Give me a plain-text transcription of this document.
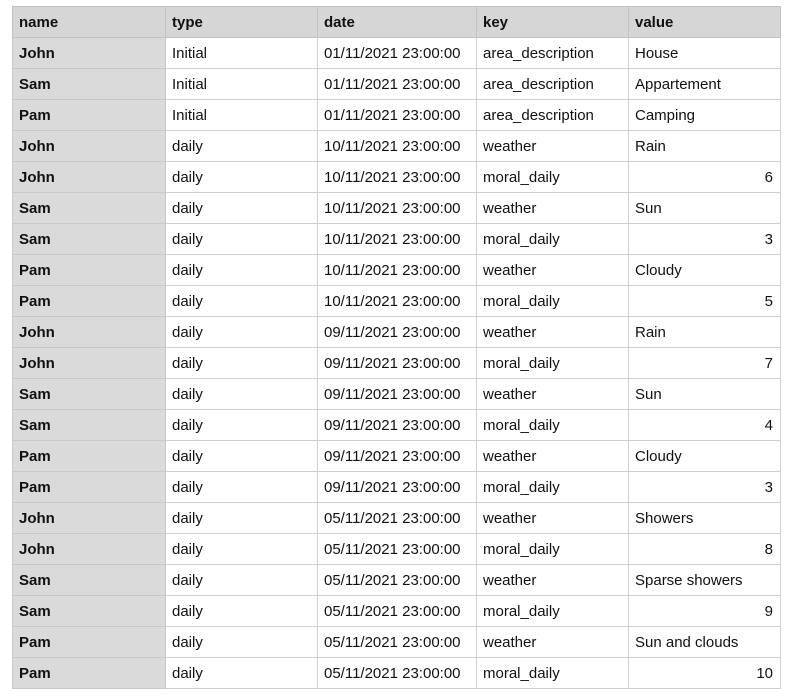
name	type	date	key	value
John	Initial	01/11/2021 23:00:00	area_description	House
Sam	Initial	01/11/2021 23:00:00	area_description	Appartement
Pam	Initial	01/11/2021 23:00:00	area_description	Camping
John	daily	10/11/2021 23:00:00	weather	Rain
John	daily	10/11/2021 23:00:00	moral_daily	6
Sam	daily	10/11/2021 23:00:00	weather	Sun
Sam	daily	10/11/2021 23:00:00	moral_daily	3
Pam	daily	10/11/2021 23:00:00	weather	Cloudy
Pam	daily	10/11/2021 23:00:00	moral_daily	5
John	daily	09/11/2021 23:00:00	weather	Rain
John	daily	09/11/2021 23:00:00	moral_daily	7
Sam	daily	09/11/2021 23:00:00	weather	Sun
Sam	daily	09/11/2021 23:00:00	moral_daily	4
Pam	daily	09/11/2021 23:00:00	weather	Cloudy
Pam	daily	09/11/2021 23:00:00	moral_daily	3
John	daily	05/11/2021 23:00:00	weather	Showers
John	daily	05/11/2021 23:00:00	moral_daily	8
Sam	daily	05/11/2021 23:00:00	weather	Sparse showers
Sam	daily	05/11/2021 23:00:00	moral_daily	9
Pam	daily	05/11/2021 23:00:00	weather	Sun and clouds
Pam	daily	05/11/2021 23:00:00	moral_daily	10
